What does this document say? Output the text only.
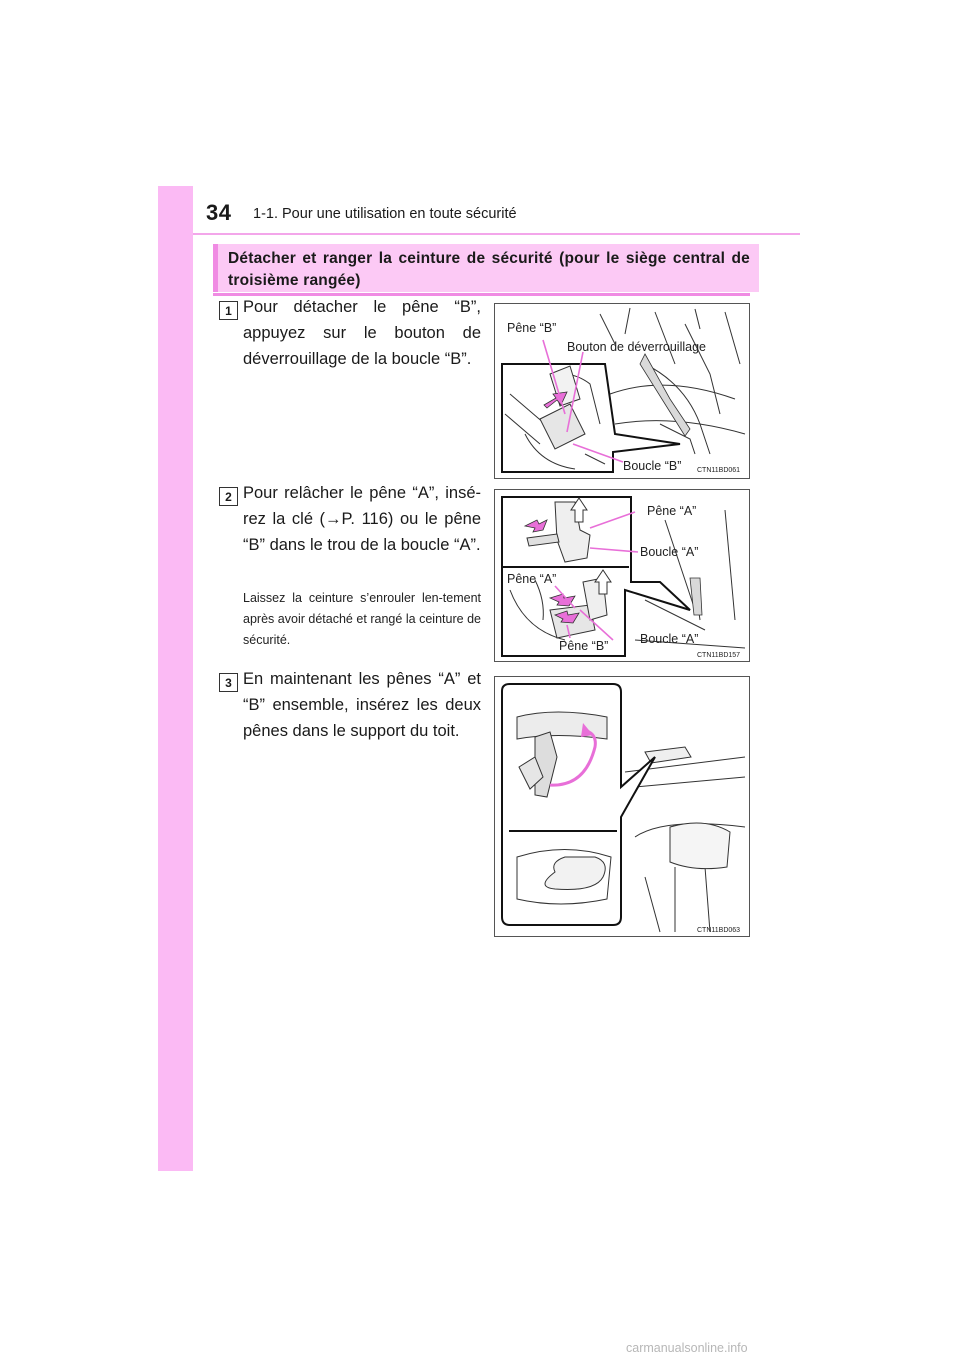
34 1-1. Pour une utilisation en toute sécurité
Détacher et ranger la ceinture de sécurité (pour le siège central de troisième rangée)
1 Pour détacher le pêne “B”, appuyez sur le bouton de déverrouillage de la boucle “B”.
2 Pour relâcher le pêne “A”, insé-rez la clé (→P. 116) ou le pêne “B” dans le trou de la boucle “A”.
Laissez la ceinture s’enrouler len-tement après avoir détaché et rangé la ceinture de sécurité.
3 En maintenant les pênes “A” et “B” ensemble, insérez les deux pênes dans le support du toit.
Pêne “B”
Bouton de déverrouillage
Boucle “B” CTN11BD061
Pêne “A”
Boucle “A”
Pêne “A”
Pêne “B”	Boucle “A”
CTN11BD157
CTN11BD063
carmanualsonline.info
